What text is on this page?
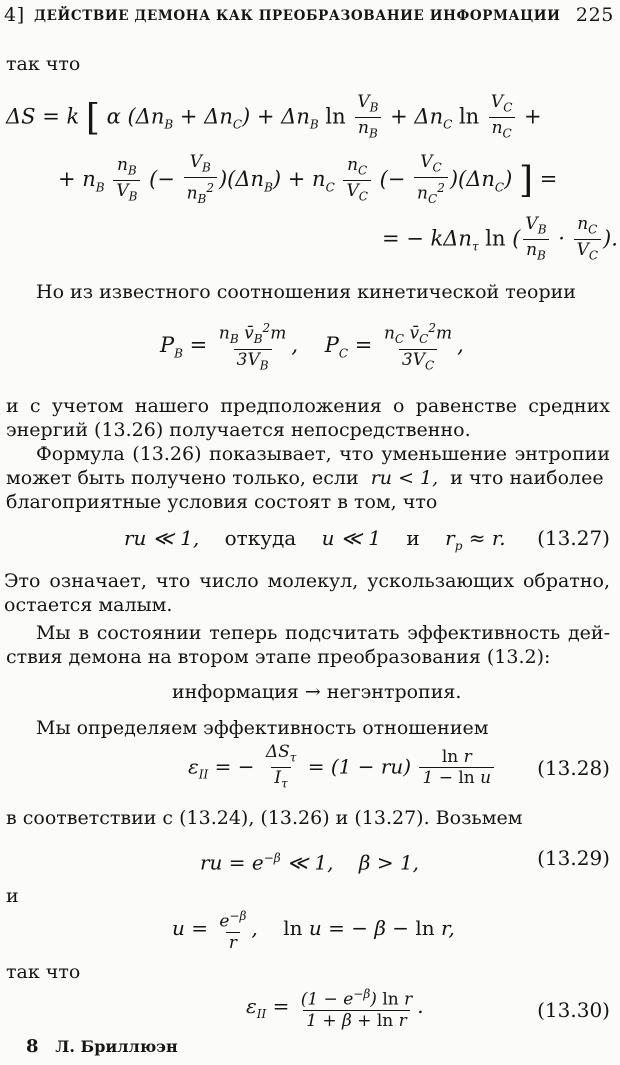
4] ДЕЙСТВИЕ ДЕМОНА КАК ПРЕОБРАЗОВАНИЕ ИНФОРМАЦИИ 225
так что
ΔS = k [ α $(\Delta n_B + \Delta n_C) + \Delta n_B$ $\ln \frac{V_B}{n_B} + \Delta n_C$ $\ln \frac{V_C}{n_C}$ +
+ $n_B \frac{n_B}{V_B}$ (− $\frac{V_B}{n_B^2} )(\Delta n_B) + n_C \frac{n_C}{V_C}$ (− $\frac{V_C}{n_C^2} )(\Delta n_C)$ ] =
= − kΔn$_\tau$ ln ( $\frac{V_B}{n_B} \cdot \frac{n_C}{V_C}$ ).
Но из известного соотношения кинетической теории
$P_B = \frac{n_B v̄_B^2m}{3V_B}$ ,    $P_C = \frac{n_C v̄_C^2m}{3V_C}$ ,
и с учетом нашего предположения о равенстве средних
энергий (13.26) получается непосредственно.
Формула (13.26) показывает, что уменьшение энтропии
может быть получено только, если ru < 1, и что наиболее
благоприятные условия состоят в том, что
ru ≪ 1,    откуда    u ≪ 1    и    $r_p \approx r$. (13.27)
Это означает, что число молекул, ускользающих обратно,
остается малым.
Мы в состоянии теперь подсчитать эффективность дей-
ствия демона на втором этапе преобразования (13.2):
информация → негэнтропия.
Мы определяем эффективность отношением
$\varepsilon_{II}$ = − $\frac{\Delta S_\tau}{I_\tau} = (1 - ru) \frac{\text{ln r}}{\text{1 − ln u}} (13.28)$
в соответствии с (13.24), (13.26) и (13.27). Возьмем
ru = $e^{-\beta}$ ≪ 1,    β > 1,	(13.29)
и
$u = \frac{e^{-\beta}}{r}$ ,    ln u = − β − ln r,
так что
$\varepsilon_{II} = \frac{(1 - e^{-\beta}) \ln r}{\text{1 + β + ln r}}$ .	(13.30)
8 Л. Бриллюэн
